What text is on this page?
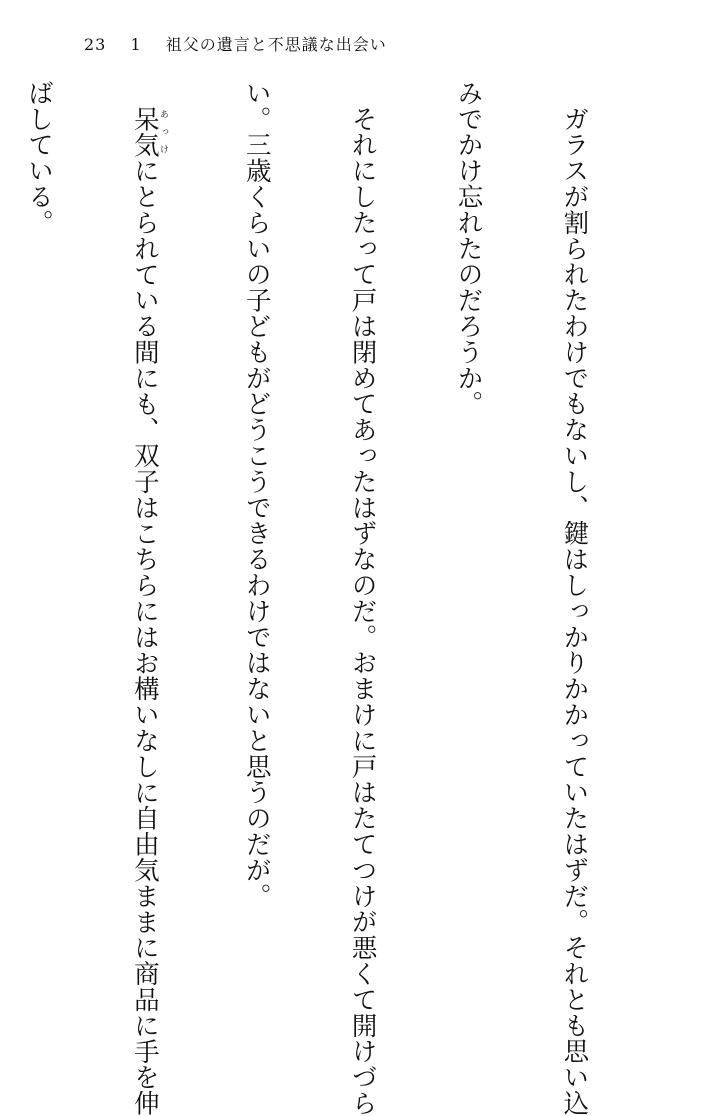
23 1 祖父の遺言と不思議な出会い

　ガラスが割られたわけでもないし、鍵はしっかりかかっていたはずだ。それとも思い込

みでかけ忘れたのだろうか。

　それにしたって戸は閉めてあったはずなのだ。おまけに戸はたてつけが悪くて開けづら

い。三歳くらいの子どもがどうこうできるわけではないと思うのだが。

　呆気あっけにとられている間にも、双子はこちらにはお構いなしに自由気ままに商品に手を伸

ばしている。
